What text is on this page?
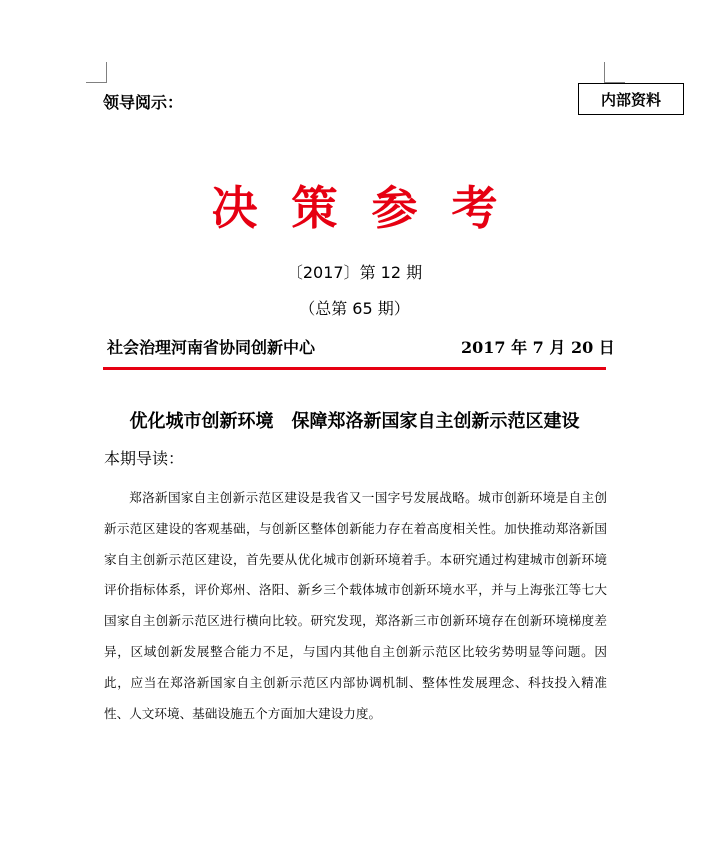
领导阅示：	内部资料
决策参考
〔2017〕第 12 期
（总第 65 期）
社会治理河南省协同创新中心	2017 年 7 月 20 日
优化城市创新环境　保障郑洛新国家自主创新示范区建设
本期导读：
郑洛新国家自主创新示范区建设是我省又一国字号发展战略。城市创新环境是自主创新示范区建设的客观基础，与创新区整体创新能力存在着高度相关性。加快推动郑洛新国家自主创新示范区建设，首先要从优化城市创新环境着手。本研究通过构建城市创新环境评价指标体系，评价郑州、洛阳、新乡三个载体城市创新环境水平，并与上海张江等七大国家自主创新示范区进行横向比较。研究发现，郑洛新三市创新环境存在创新环境梯度差异，区域创新发展整合能力不足，与国内其他自主创新示范区比较劣势明显等问题。因此，应当在郑洛新国家自主创新示范区内部协调机制、整体性发展理念、科技投入精准性、人文环境、基础设施五个方面加大建设力度。
